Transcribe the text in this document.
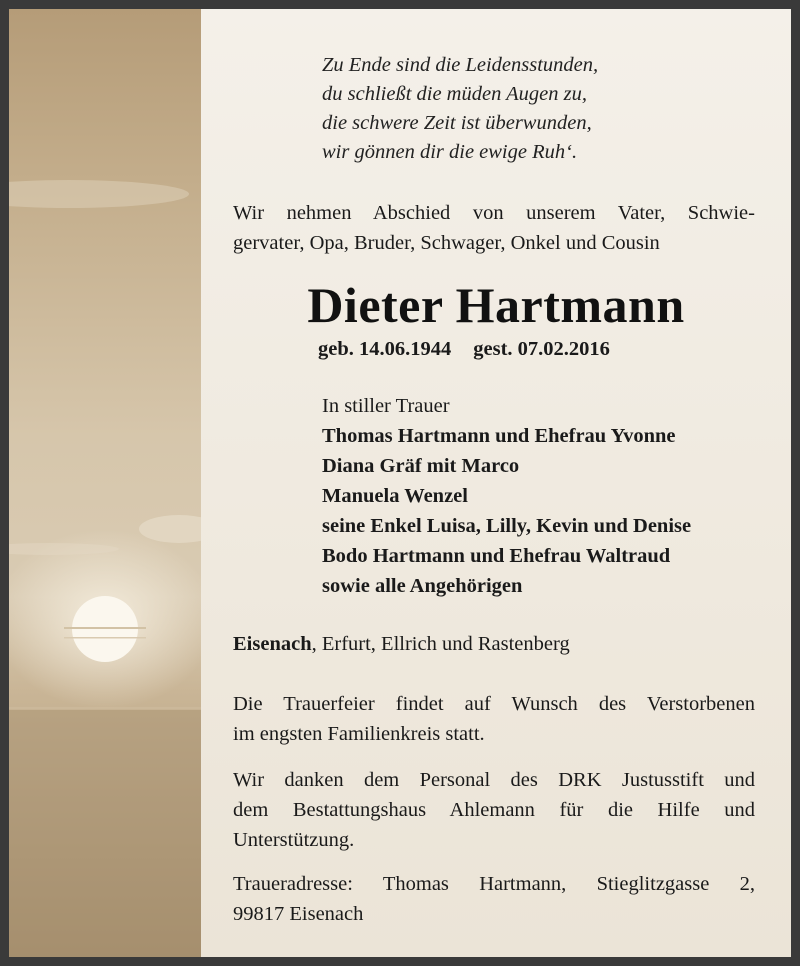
Zu Ende sind die Leidensstunden,
du schließt die müden Augen zu,
die schwere Zeit ist überwunden,
wir gönnen dir die ewige Ruh‘.
Wir nehmen Abschied von unserem Vater, Schwie-
gervater, Opa, Bruder, Schwager, Onkel und Cousin
Dieter Hartmann
geb. 14.06.1944 gest. 07.02.2016
In stiller Trauer
Thomas Hartmann und Ehefrau Yvonne
Diana Gräf mit Marco
Manuela Wenzel
seine Enkel Luisa, Lilly, Kevin und Denise
Bodo Hartmann und Ehefrau Waltraud
sowie alle Angehörigen
Eisenach, Erfurt, Ellrich und Rastenberg
Die Trauerfeier findet auf Wunsch des Verstorbenen
im engsten Familienkreis statt.
Wir danken dem Personal des DRK Justusstift und
dem Bestattungshaus Ahlemann für die Hilfe und
Unterstützung.
Traueradresse: Thomas Hartmann, Stieglitzgasse 2,
99817 Eisenach
